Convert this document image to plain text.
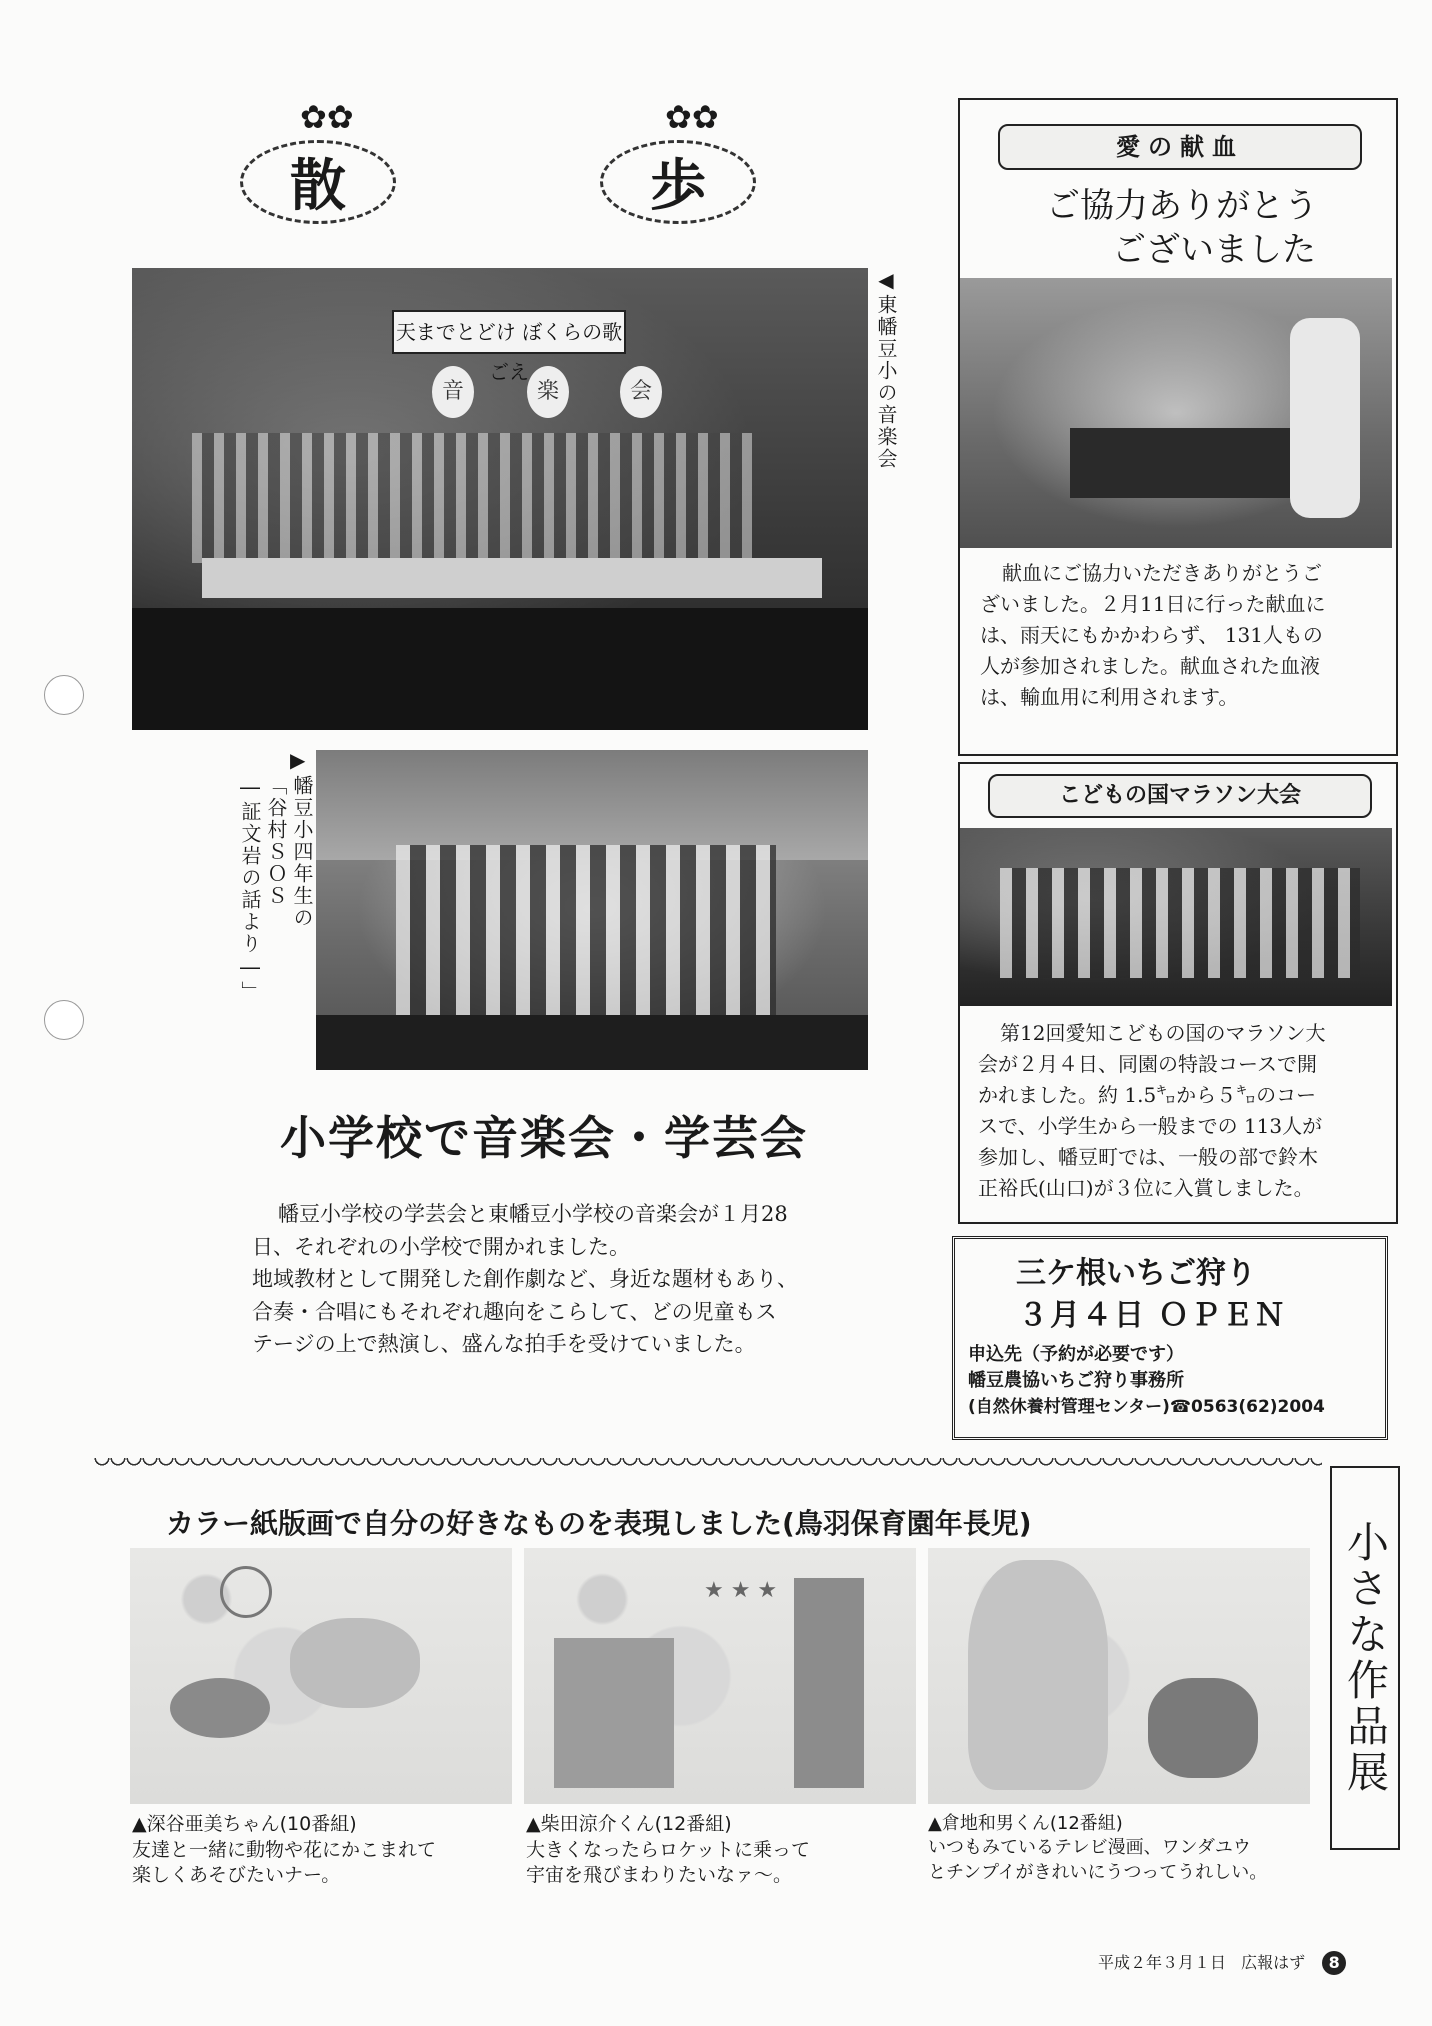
散	歩
✿✿	✿✿
天までとどけ ぼくらの歌ごえ
音	楽	会	◀東幡豆小の音楽会
▶
幡豆小四年生の
「谷村ＳＯＳ
―証文岩の話より―」
小学校で音楽会・学芸会
幡豆小学校の学芸会と東幡豆小学校の音楽会が１月28
日、それぞれの小学校で開かれました。
地域教材として開発した創作劇など、身近な題材もあり、
合奏・合唱にもそれぞれ趣向をこらして、どの児童もス
テージの上で熱演し、盛んな拍手を受けていました。
愛の献血
ご協力ありがとう
ございました
献血にご協力いただきありがとうご
ざいました。２月11日に行った献血に
は、雨天にもかかわらず、 131人もの
人が参加されました。献血された血液
は、輸血用に利用されます。
こどもの国マラソン大会
第12回愛知こどもの国のマラソン大
会が２月４日、同園の特設コースで開
かれました。約 1.5㌔から５㌔のコー
スで、小学生から一般までの 113人が
参加し、幡豆町では、一般の部で鈴木
正裕氏(山口)が３位に入賞しました。
三ケ根いちご狩り
３月４日 ＯＰＥＮ
申込先（予約が必要です）
幡豆農協いちご狩り事務所
(自然休養村管理センター)☎0563(62)2004
カラー紙版画で自分の好きなものを表現しました(鳥羽保育園年長児)	小さな作品展
★ ★ ★
▲深谷亜美ちゃん(10番組)
友達と一緒に動物や花にかこまれて
楽しくあそびたいナー。
▲柴田涼介くん(12番組)
大きくなったらロケットに乗って
宇宙を飛びまわりたいなァ〜。
▲倉地和男くん(12番組)
いつもみているテレビ漫画、ワンダユウ
とチンプイがきれいにうつってうれしい。
平成２年３月１日 広報はず 8
